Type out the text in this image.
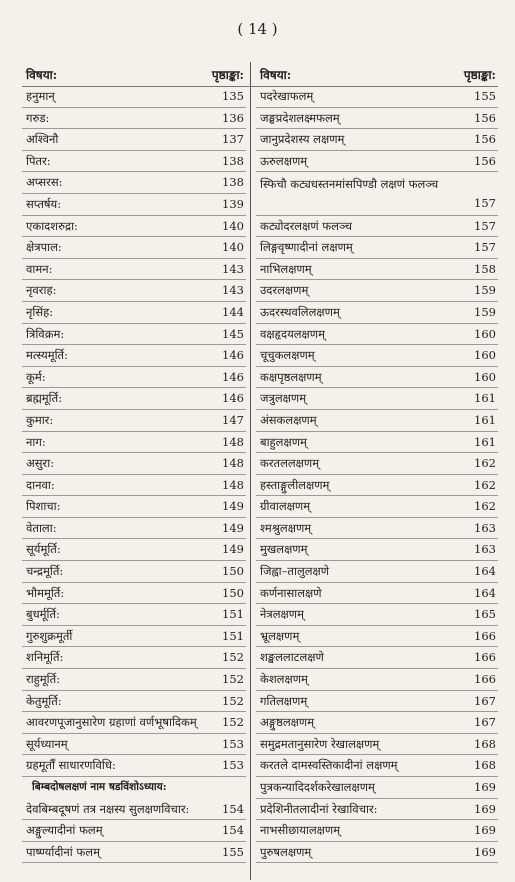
( 14 )
विषया:	पृष्ठाङ्का:
हनुमान्	135
गरुड:	136
अश्विनौ	137
पितर:	138
अप्सरस:	138
सप्तर्षय:	139
एकादशरुद्रा:	140
क्षेत्रपाल:	140
वामन:	143
नृवराह:	143
नृसिंह:	144
त्रिविक्रम:	145
मत्स्यमूर्ति:	146
कूर्म:	146
ब्रह्ममूर्ति:	146
कुमार:	147
नाग:	148
असुरा:	148
दानवा:	148
पिशाचा:	149
वेताला:	149
सूर्यमूर्ति:	149
चन्द्रमूर्ति:	150
भौममूर्ति:	150
बुधर्मूर्ति:	151
गुरुशुक्रमूर्ती	151
शनिमूर्ति:	152
राहुमूर्ति:	152
केतुमूर्ति:	152
आवरणपूजानुसारेण ग्रहाणां वर्णभूषादिकम् 152
सूर्यध्यानम्	153
ग्रहमूर्तौं साधारणविधि:	153
बिम्बदोषलक्षणं नाम षडविंशोऽध्याय:
देवबिम्बदूषणं तत्र नक्षस्य सुलक्षणविचार:	154
अङ्गुल्यादीनां फलम्	154
पार्ष्ण्यादीनां फलम्	155
विषया:	पृष्ठाङ्का:
पदरेखाफलम्	155
जङ्घप्रदेशलक्ष्मफलम्	156
जानुप्रदेशस्य लक्षणम्	156
ऊरुलक्षणम्	156
स्फिचौ कट्यधस्तनमांसपिण्डौ लक्षणं फलञ्च
157
कट्योदरलक्षणं फलञ्च	157
लिङ्गवृष्णादीनां लक्षणम्	157
नाभिलक्षणम्	158
उदरलक्षणम्	159
ऊदरस्थवलिलक्षणम्	159
वक्षहृदयलक्षणम्	160
चूचुकलक्षणम्	160
कक्षपृष्ठलक्षणम्	160
जत्रुलक्षणम्	161
अंसकलक्षणम्	161
बाहुलक्षणम्	161
करतललक्षणम्	162
हस्ताङ्गुलीलक्षणम्	162
ग्रीवालक्षणम्	162
श्मश्रुलक्षणम्	163
मुखलक्षणम्	163
जिह्वा–तालुलक्षणे	164
कर्णनासालक्षणे	164
नेत्रलक्षणम्	165
भ्रूलक्षणम्	166
शङ्खललाटलक्षणे	166
केशलक्षणम्	166
गतिलक्षणम्	167
अङ्गुष्ठलक्षणम्	167
समुद्रमतानुसारेण रेखालक्षणम्	168
करतले दामस्वस्तिकादीनां लक्षणम्	168
पुत्रकन्यादिदर्शकरेखालक्षणम्	169
प्रदेशिनीतलादीनां रेखाविचार:	169
नाभसीछायालक्षणम्	169
पुरुषलक्षणम्	169
